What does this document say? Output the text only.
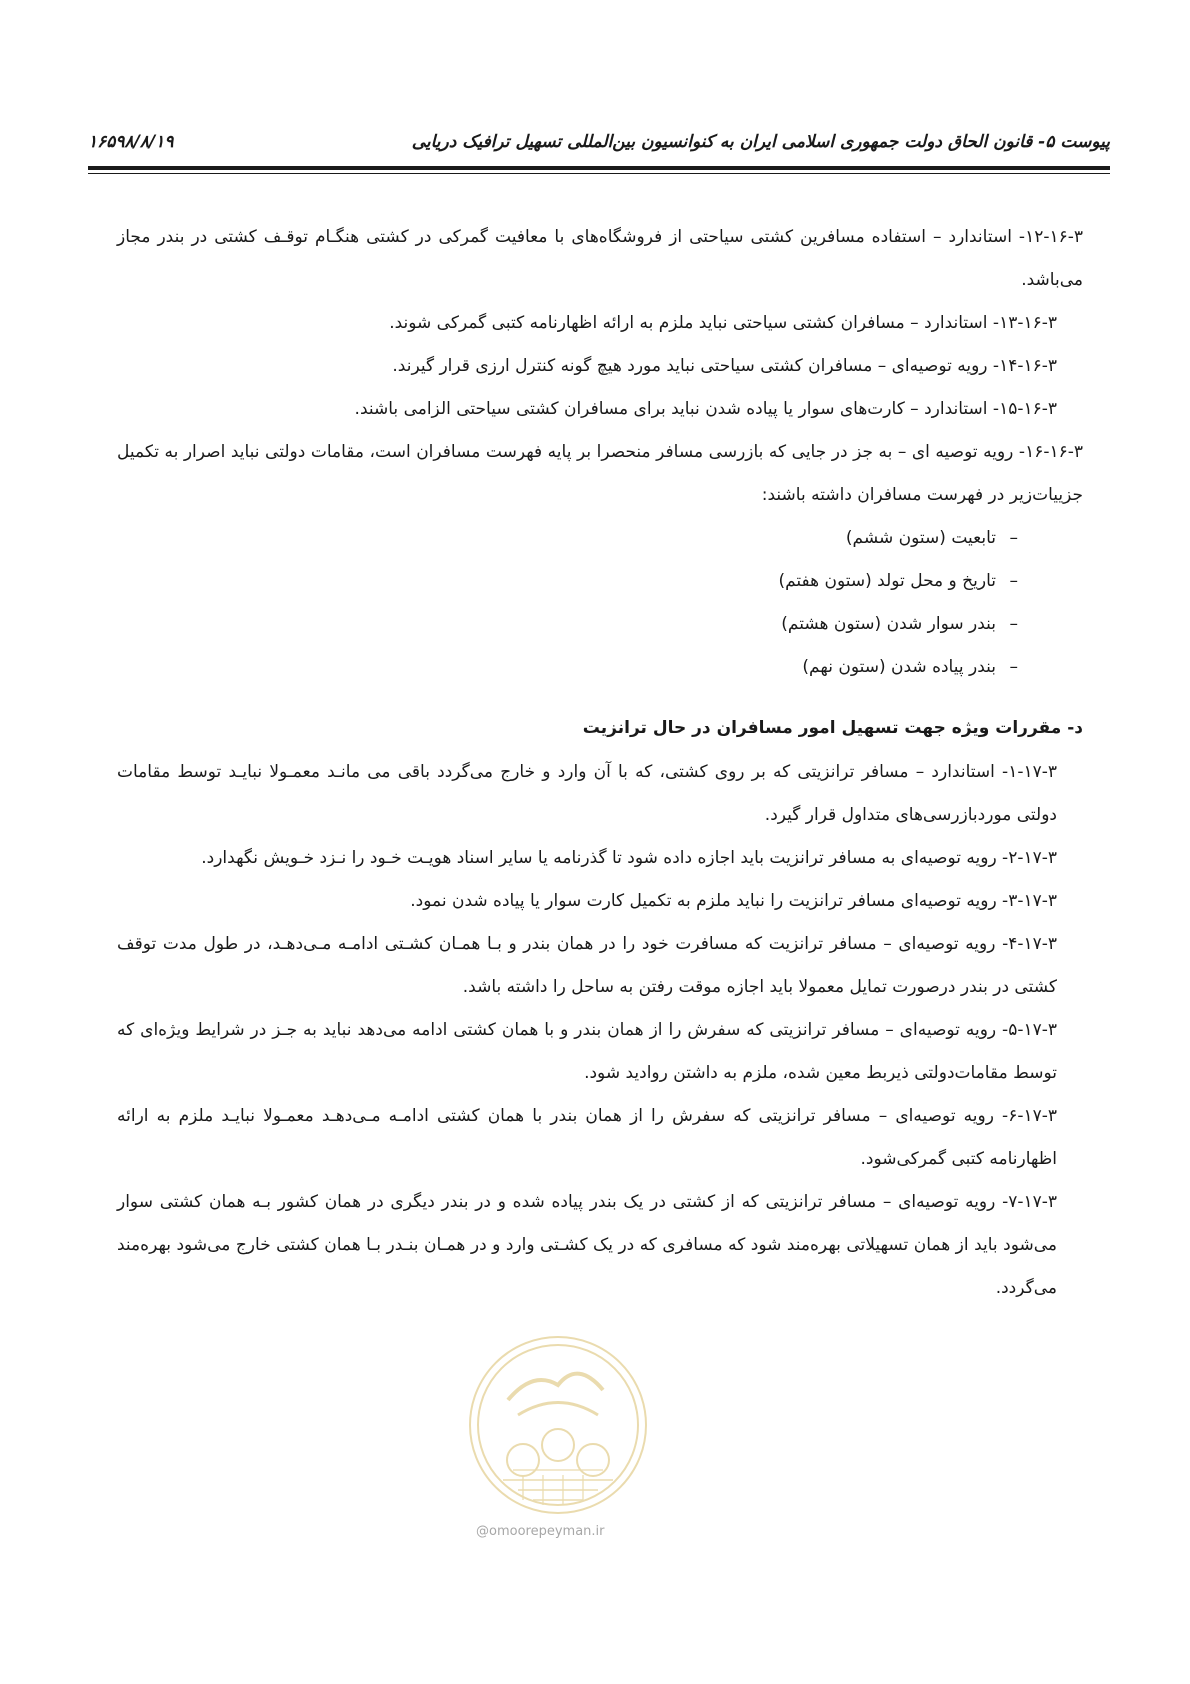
پیوست ۵- قانون الحاق دولت جمهوری اسلامی ایران به کنوانسیون بین‌المللی تسهیل ترافیک دریایی
۱۶۵۹۸/۸/۱۹

۱۲-۱۶-۳- استاندارد – استفاده مسافرین کشتی سیاحتی از فروشگاه‌های با معافیت گمرکی در کشتی هنگـام توقـف کشتی در بندر مجاز می‌باشد.

۱۳-۱۶-۳- استاندارد – مسافران کشتی سیاحتی نباید ملزم به ارائه اظهارنامه کتبی گمرکی شوند.

۱۴-۱۶-۳- رویه توصیه‌ای – مسافران کشتی سیاحتی نباید مورد هیچ گونه کنترل ارزی قرار گیرند.

۱۵-۱۶-۳- استاندارد – کارت‌های سوار یا پیاده شدن نباید برای مسافران کشتی سیاحتی الزامی باشند.

۱۶-۱۶-۳- رویه توصیه ای – به جز در جایی که بازرسی مسافر منحصرا بر پایه فهرست مسافران است، مقامات دولتی نباید اصرار به تکمیل جزییات‌زیر در فهرست مسافران داشته باشند:

–
تابعیت (ستون ششم)
–
تاریخ و محل تولد (ستون هفتم)
–
بندر سوار شدن (ستون هشتم)
–
بندر پیاده شدن (ستون نهم)

د- مقررات ویژه جهت تسهیل امور مسافران در حال ترانزیت

۱-۱۷-۳- استاندارد – مسافر ترانزیتی که بر روی کشتی، که با آن وارد و خارج می‌گردد باقی می مانـد معمـولا نبایـد توسط مقامات دولتی موردبازرسی‌های متداول قرار گیرد.

۲-۱۷-۳- رویه توصیه‌ای به مسافر ترانزیت باید اجازه داده شود تا گذرنامه یا سایر اسناد هویـت خـود را نـزد خـویش نگهدارد.

۳-۱۷-۳- رویه توصیه‌ای مسافر ترانزیت را نباید ملزم به تکمیل کارت سوار یا پیاده شدن نمود.

۴-۱۷-۳- رویه توصیه‌ای – مسافر ترانزیت که مسافرت خود را در همان بندر و بـا همـان کشـتی ادامـه مـی‌دهـد، در طول مدت توقف کشتی در بندر درصورت تمایل معمولا باید اجازه موقت رفتن به ساحل را داشته باشد.

۵-۱۷-۳- رویه توصیه‌ای – مسافر ترانزیتی که سفرش را از همان بندر و با همان کشتی ادامه می‌دهد نباید به جـز در شرایط ویژه‌ای که توسط مقامات‌دولتی ذیربط معین شده، ملزم به داشتن روادید شود.

۶-۱۷-۳- رویه توصیه‌ای – مسافر ترانزیتی که سفرش را از همان بندر با همان کشتی ادامـه مـی‌دهـد معمـولا نبایـد ملزم به ارائه اظهارنامه کتبی گمرکی‌شود.

۷-۱۷-۳- رویه توصیه‌ای – مسافر ترانزیتی که از کشتی در یک بندر پیاده شده و در بندر دیگری در همان کشور بـه همان کشتی سوار می‌شود باید از همان تسهیلاتی بهره‌مند شود که مسافری که در یک کشـتی وارد و در همـان بنـدر بـا همان کشتی خارج می‌شود بهره‌مند می‌گردد.

@omoorepeyman.ir
